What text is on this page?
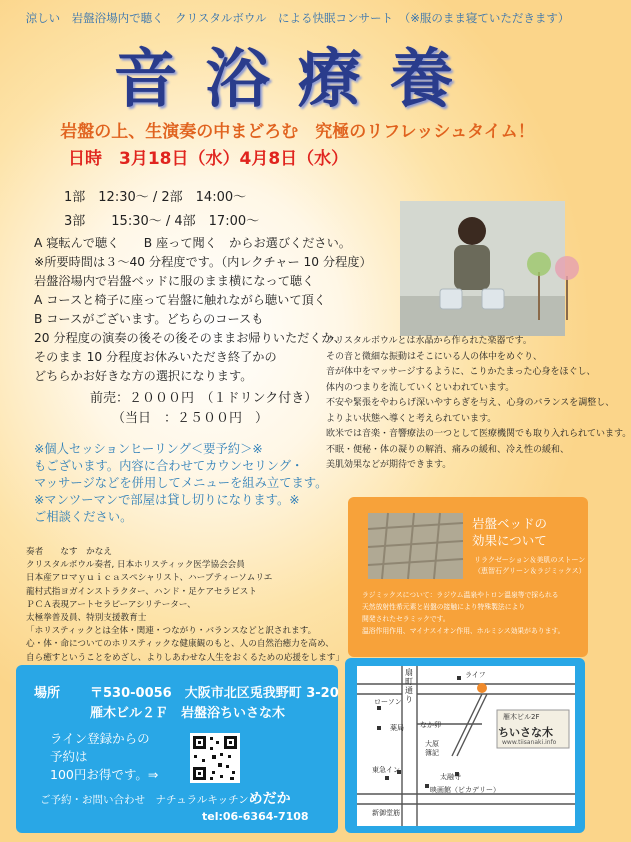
涼しい　岩盤浴場内で聴く　クリスタルボウル　による快眠コンサート　（※服のまま寝ていただきます）
音浴療養
岩盤の上、生演奏の中まどろむ　究極のリフレッシュタイム！
日時　3月18日（水）4月8日（水）
1部　12:30～ / 2部　14:00～
3部　　15:30～ / 4部　17:00～
A 寝転んで聴く　　B 座って聞く　からお選びください。
※所要時間は３～40 分程度です。（内レクチャー 10 分程度）
岩盤浴場内で岩盤ベッドに服のまま横になって聴く
A コースと椅子に座って岩盤に触れながら聴いて頂く
B コースがございます。どちらのコースも
20 分程度の演奏の後その後そのままお帰りいただくか、
そのまま 10 分程度お休みいただき終了かの
どちらかお好きな方の選択になります。
前売：２０００円　（１ドリンク付き）
（当日　：２５００円　）
クリスタルボウルとは水晶から作られた楽器です。
その音と微細な振動はそこにいる人の体中をめぐり、
音が体中をマッサージするように、こりかたまった心身をほぐし、
体内のつまりを流していくといわれています。
不安や緊張をやわらげ深いやすらぎを与え、心身のバランスを調整し、
よりよい状態へ導くと考えられています。
欧米では音楽・音響療法の一つとして医療機関でも取り入れられています。
不眠・便秘・体の凝りの解消、痛みの緩和、冷え性の緩和、
美肌効果などが期待できます。
※個人セッションヒーリング＜要予約＞※
もございます。内容に合わせてカウンセリング・
マッサージなどを併用してメニューを組み立てます。
※マンツーマンで部屋は貸し切りになります。※
ご相談ください。
奏者　　なす　かなえ
クリスタルボウル奏者, 日本ホリスティック医学協会会員
日本産アロマｙｕｉｃａスペシャリスト、ハーブティーソムリエ
龍村式指ヨガインストラクター、ハンド・足ケアセラピスト
ＰＣＡ表現アートセラピーアシリテーター、
太極拳普及員、特別支援教育士
「ホリスティックとは全体・関連・つながり・バランスなどと訳されます。
心・体・命についてのホリスティックな健康観のもと、人の自然治癒力を高め、
自ら癒すということをめざし、よりしあわせな人生をおくるための応援をします」
岩盤ベッドの
効果について
リラクゼーション＆美肌のストーン
（恵智石グリーン＆ラジミックス）
ラジミックスについて：ラジウム温泉やトロン温泉等で採られる
天然放射性希元素と岩盤の接触により特殊製法により
開発されたセラミックです。
温浴作用作用、マイナスイオン作用、ホルミシス効果があります。
場所 〒530-0056　大阪市北区兎我野町 3-20
雁木ビル２Ｆ　岩盤浴ちいさな木
ライン登録からの
予約は
100円お得です。⇒
ご予約・お問い合わせ　ナチュラルキッチンめだか
tel:06-6364-7108
扇町通り
ローソン
ライフ
なか卯
薬局
大原
簿記
太融寺
東急イン
映画館（ビカデリー）
新御堂筋
雁木ビル2F
ちいさな木
www.tiisanaki.info
